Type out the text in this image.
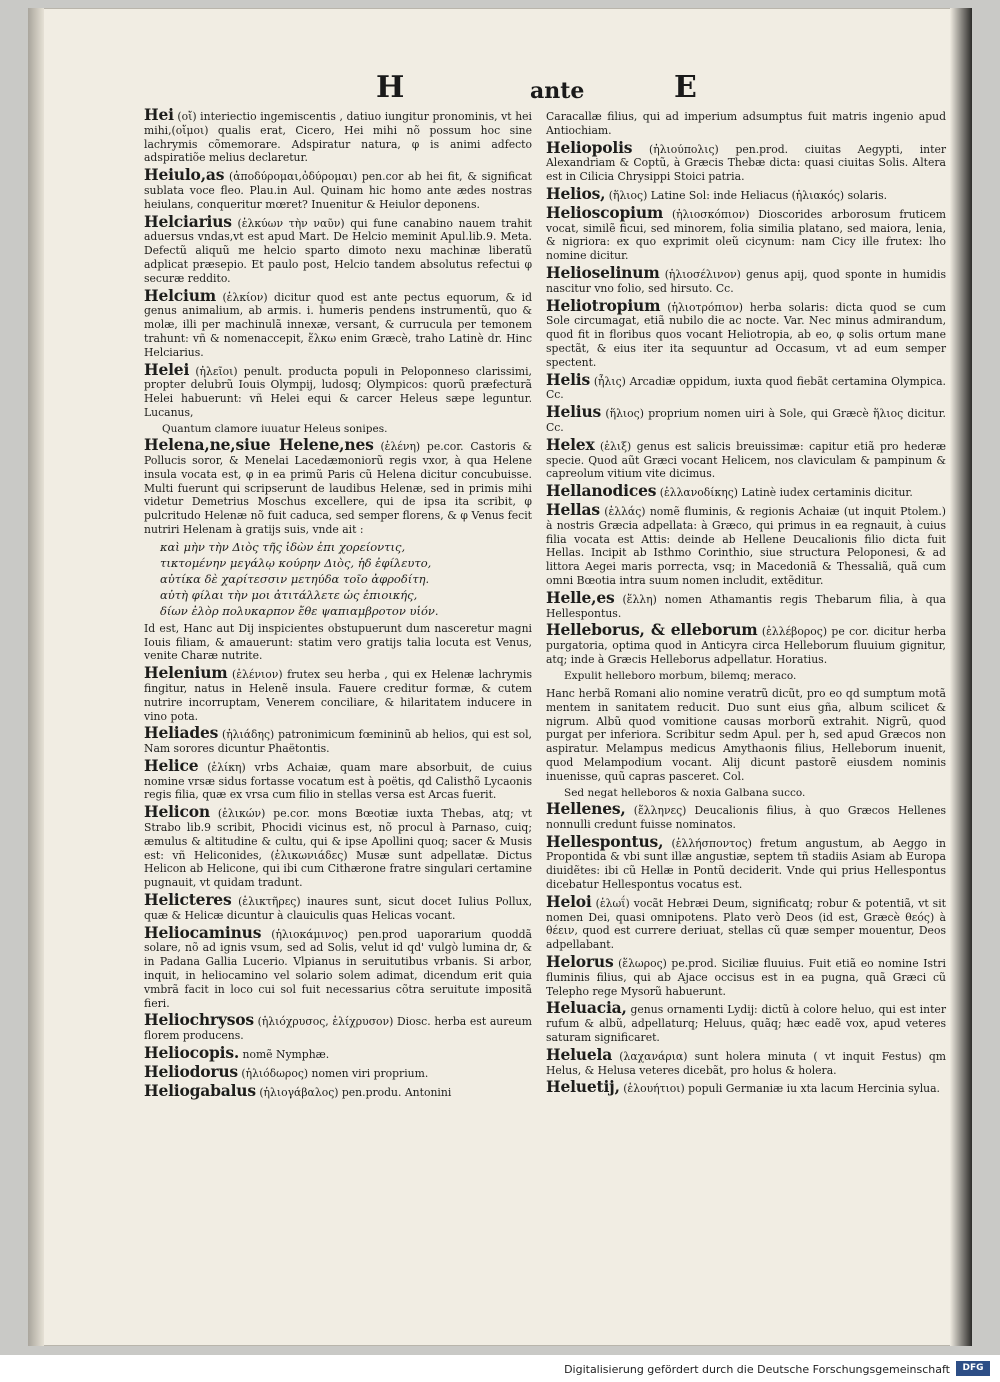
H	ante	E
Hei (οἴ) interiectio ingemiscentis , datiuo iungitur pronominis, vt hei mihi,(οἴμοι) qualis erat, Cicero, Hei mihi nõ possum hoc sine lachrymis cõmemorare. Adspiratur natura, φ is animi adfecto adspiratiõe melius declaretur.
Heiulo,as (ἀποδύρομαι,ὀδύρομαι) pen.cor ab hei fit, & significat sublata voce fleo. Plau.in Aul. Quinam hic homo ante ædes nostras heiulans, conqueritur mœret? Inuenitur & Heiulor deponens.
Helciarius (ἑλκύων τὴν ναῦν) qui fune canabino nauem trahit aduersus vndas,vt est apud Mart. De Helcio meminit Apul.lib.9. Meta. Defectũ aliquũ me helcio sparto dimoto nexu machinæ liberatũ adplicat præsepio. Et paulo post, Helcio tandem absolutus refectui φ securæ reddito.
Helcium (ἑλκίον) dicitur quod est ante pectus equorum, & id genus animalium, ab armis. i. humeris pendens instrumentũ, quo & molæ, illi per machinulã innexæ, versant, & currucula per temonem trahunt: vñ & nomenaccepit, ἕλκω enim Græcè, traho Latinè dr. Hinc Helciarius.
Helei (ἠλεῖοι) penult. producta populi in Peloponneso clarissimi, propter delubrũ Iouis Olympij, ludosq; Olympicos: quorũ præfecturã Helei habuerunt: vñ Helei equi & carcer Heleus sæpe leguntur. Lucanus,
Quantum clamore iuuatur Heleus sonipes.
Helena,ne,siue Helene,nes (ἑλένη) pe.cor. Castoris & Pollucis soror, & Menelai Lacedæmoniorũ regis vxor, à qua Helene insula vocata est, φ in ea primũ Paris cũ Helena dicitur concubuisse. Multi fuerunt qui scripserunt de laudibus Helenæ, sed in primis mihi videtur Demetrius Moschus excellere, qui de ipsa ita scribit, φ pulcritudo Helenæ nõ fuit caduca, sed semper florens, & φ Venus fecit nutriri Helenam à gratijs suis, vnde ait :
καὶ μὴν τὴν Διὸς τῆς ἰδὼν ἐπι χορείοντις,
τικτομένην μεγάλῳ κούρην Διὸς, ἡδ ἐφίλευτο,
αὐτίκα δὲ χαρίτεσσιν μετηύδα τοῖο ἀφροδίτη.
αὐτὴ φίλαι τὴν μοι ἀτιτάλλετε ὡς ἐπιοικής,
δίων ἐλὸρ πολυκαρπον ἔθε ψαπιαμβροτον υἱόν.
Id est, Hanc aut Dij inspicientes obstupuerunt dum nasceretur magni Iouis filiam, & amauerunt: statim vero gratijs talia locuta est Venus, venite Charæ nutrite.
Helenium (ἑλένιον) frutex seu herba , qui ex Helenæ lachrymis fingitur, natus in Helenẽ insula. Fauere creditur formæ, & cutem nutrire incorruptam, Venerem conciliare, & hilaritatem inducere in vino pota.
Heliades (ἡλιάδης) patronimicum fœmininũ ab helios, qui est sol, Nam sorores dicuntur Phaëtontis.
Helice (ἑλίκη) vrbs Achaiæ, quam mare absorbuit, de cuius nomine vrsæ sidus fortasse vocatum est à poëtis, qd Calisthõ Lycaonis regis filia, quæ ex vrsa cum filio in stellas versa est Arcas fuerit.
Helicon (ἑλικών) pe.cor. mons Bœotiæ iuxta Thebas, atq; vt Strabo lib.9 scribit, Phocidi vicinus est, nõ procul à Parnaso, cuiq; æmulus & altitudine & cultu, qui & ipse Apollini quoq; sacer & Musis est: vñ Heliconides, (ἑλικωνιάδες) Musæ sunt adpellatæ. Dictus Helicon ab Helicone, qui ibi cum Cithærone fratre singulari certamine pugnauit, vt quidam tradunt.
Helicteres (ἑλικτῆρες) inaures sunt, sicut docet Iulius Pollux, quæ & Helicæ dicuntur à clauiculis quas Helicas vocant.
Heliocaminus (ἡλιοκάμινος) pen.prod uaporarium quoddã solare, nõ ad ignis vsum, sed ad Solis, velut id qd' vulgò lumina dr, & in Padana Gallia Lucerio. Vlpianus in seruitutibus vrbanis. Si arbor, inquit, in heliocamino vel solario solem adimat, dicendum erit quia vmbrã facit in loco cui sol fuit necessarius cõtra seruitute impositã fieri.
Heliochrysos (ἡλιόχρυσος, ἑλίχρυσον) Diosc. herba est aureum florem producens.
Heliocopis. nomẽ Nymphæ.
Heliodorus (ἡλιόδωρος) nomen viri proprium.
Heliogabalus (ἡλιογάβαλος) pen.produ. Antonini
Caracallæ filius, qui ad imperium adsumptus fuit matris ingenio apud Antiochiam.
Heliopolis (ἡλιούπολις) pen.prod. ciuitas Aegypti, inter Alexandriam & Coptũ, à Græcis Thebæ dicta: quasi ciuitas Solis. Altera est in Cilicia Chrysippi Stoici patria.
Helios, (ἥλιος) Latine Sol: inde Heliacus (ἡλιακός) solaris.
Helioscopium (ἡλιοσκόπιον) Dioscorides arborosum fruticem vocat, similẽ ficui, sed minorem, folia similia platano, sed maiora, lenia, & nigriora: ex quo exprimit oleũ cicynum: nam Cicy ille frutex: lho nomine dicitur.
Helioselinum (ἡλιοσέλινον) genus apij, quod sponte in humidis nascitur vno folio, sed hirsuto. Cc.
Heliotropium (ἡλιοτρόπιον) herba solaris: dicta quod se cum Sole circumagat, etiã nubilo die ac nocte. Var. Nec minus admirandum, quod fit in floribus quos vocant Heliotropia, ab eo, φ solis ortum mane spectãt, & eius iter ita sequuntur ad Occasum, vt ad eum semper spectent.
Helis (ἦλις) Arcadiæ oppidum, iuxta quod fiebãt certamina Olympica. Cc.
Helius (ἥλιος) proprium nomen uiri à Sole, qui Græcè ἥλιος dicitur. Cc.
Helex (ἑλιξ) genus est salicis breuissimæ: capitur etiã pro hederæ specie. Quod aũt Græci vocant Helicem, nos claviculam & pampinum & capreolum vitium vite dicimus.
Hellanodices (ἑλλανοδίκης) Latinè iudex certaminis dicitur.
Hellas (ἑλλάς) nomẽ fluminis, & regionis Achaiæ (ut inquit Ptolem.) à nostris Græcia adpellata: à Græco, qui primus in ea regnauit, à cuius filia vocata est Attis: deinde ab Hellene Deucalionis filio dicta fuit Hellas. Incipit ab Isthmo Corinthio, siue structura Peloponesi, & ad littora Aegei maris porrecta, vsq; in Macedoniã & Thessaliã, quã cum omni Bœotia intra suum nomen includit, extẽditur.
Helle,es (ἕλλη) nomen Athamantis regis Thebarum filia, à qua Hellespontus.
Helleborus, & elleborum (ἑλλέβορος) pe cor. dicitur herba purgatoria, optima quod in Anticyra circa Helleborum fluuium gignitur, atq; inde à Græcis Helleborus adpellatur. Horatius.
Expulit helleboro morbum, bilemq; meraco.
Hanc herbã Romani alio nomine veratrũ dicũt, pro eo qd sumptum motã mentem in sanitatem reducit. Duo sunt eius gña, album scilicet & nigrum. Albũ quod vomitione causas morborũ extrahit. Nigrũ, quod purgat per inferiora. Scribitur sedm Apul. per h, sed apud Græcos non aspiratur. Melampus medicus Amythaonis filius, Helleborum inuenit, quod Melampodium vocant. Alij dicunt pastorẽ eiusdem nominis inuenisse, quũ capras pasceret. Col.
Sed negat helleboros & noxia Galbana succo.
Hellenes, (ἕλληνες) Deucalionis filius, à quo Græcos Hellenes nonnulli credunt fuisse nominatos.
Hellespontus, (ἑλλήσποντος) fretum angustum, ab Aeggo in Propontida & vbi sunt illæ angustiæ, septem tñ stadiis Asiam ab Europa diuidẽtes: ibi cũ Hellæ in Pontũ deciderit. Vnde qui prius Hellespontus dicebatur Hellespontus vocatus est.
Heloi (ἑλωΐ) vocãt Hebræi Deum, significatq; robur & potentiã, vt sit nomen Dei, quasi omnipotens. Plato verò Deos (id est, Græcè θεός) à θέειν, quod est currere deriuat, stellas cũ quæ semper mouentur, Deos adpellabant.
Helorus (ἕλωρος) pe.prod. Siciliæ fluuius. Fuit etiã eo nomine Istri fluminis filius, qui ab Ajace occisus est in ea pugna, quã Græci cũ Telepho rege Mysorũ habuerunt.
Heluacia, genus ornamenti Lydij: dictũ à colore heluo, qui est inter rufum & albũ, adpellaturq; Heluus, quãq; hæc eadẽ vox, apud veteres saturam significaret.
Heluela (λαχανάρια) sunt holera minuta ( vt inquit Festus) qm Helus, & Helusa veteres dicebãt, pro holus & holera.
Heluetij, (ἑλουήτιοι) populi Germaniæ iu xta lacum Hercinia sylua.
Digitalisierung gefördert durch die Deutsche Forschungsgemeinschaft	DFG
